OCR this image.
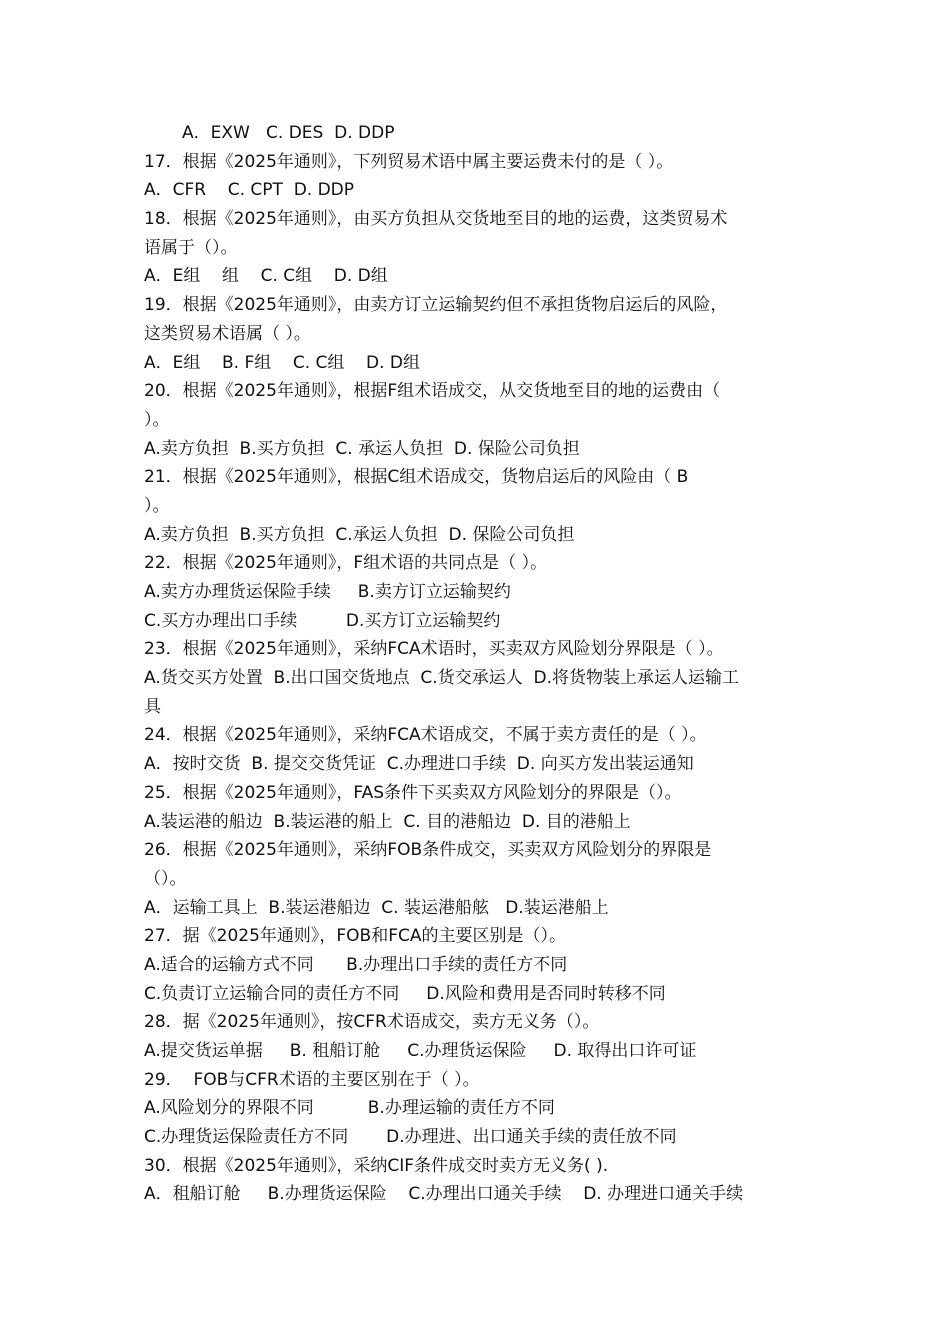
A．EXW   C. DES  D. DDP
17．根据《2025年通则》，下列贸易术语中属主要运费未付的是（ ）。
A．CFR    C. CPT  D. DDP
18．根据《2025年通则》，由买方负担从交货地至目的地的运费，这类贸易术
语属于（）。
A．E组    组    C. C组    D. D组
19．根据《2025年通则》，由卖方订立运输契约但不承担货物启运后的风险，
这类贸易术语属（ ）。
A．E组    B. F组    C. C组    D. D组
20．根据《2025年通则》，根据F组术语成交，从交货地至目的地的运费由（
）。
A.卖方负担  B.买方负担  C. 承运人负担  D. 保险公司负担
21．根据《2025年通则》，根据C组术语成交，货物启运后的风险由（ B
）。
A.卖方负担  B.买方负担  C.承运人负担  D. 保险公司负担
22．根据《2025年通则》，F组术语的共同点是（ ）。
A.卖方办理货运保险手续     B.卖方订立运输契约
C.买方办理出口手续         D.买方订立运输契约
23．根据《2025年通则》，采纳FCA术语时，买卖双方风险划分界限是（ ）。
A.货交买方处置  B.出口国交货地点  C.货交承运人  D.将货物装上承运人运输工
具
24．根据《2025年通则》，采纳FCA术语成交，不属于卖方责任的是（ ）。
A．按时交货  B. 提交交货凭证  C.办理进口手续  D. 向买方发出装运通知
25．根据《2025年通则》，FAS条件下买卖双方风险划分的界限是（）。
A.装运港的船边  B.装运港的船上  C. 目的港船边  D. 目的港船上
26．根据《2025年通则》，采纳FOB条件成交，买卖双方风险划分的界限是
（）。
A．运输工具上  B.装运港船边  C. 装运港船舷   D.装运港船上
27．据《2025年通则》，FOB和FCA的主要区别是（）。
A.适合的运输方式不同      B.办理出口手续的责任方不同
C.负责订立运输合同的责任方不同     D.风险和费用是否同时转移不同
28．据《2025年通则》，按CFR术语成交，卖方无义务（）。
A.提交货运单据     B. 租船订舱     C.办理货运保险     D. 取得出口许可证
29．  FOB与CFR术语的主要区别在于（ ）。
A.风险划分的界限不同          B.办理运输的责任方不同
C.办理货运保险责任方不同       D.办理进、出口通关手续的责任放不同
30．根据《2025年通则》，采纳CIF条件成交时卖方无义务( ).
A．租船订舱     B.办理货运保险    C.办理出口通关手续    D. 办理进口通关手续
